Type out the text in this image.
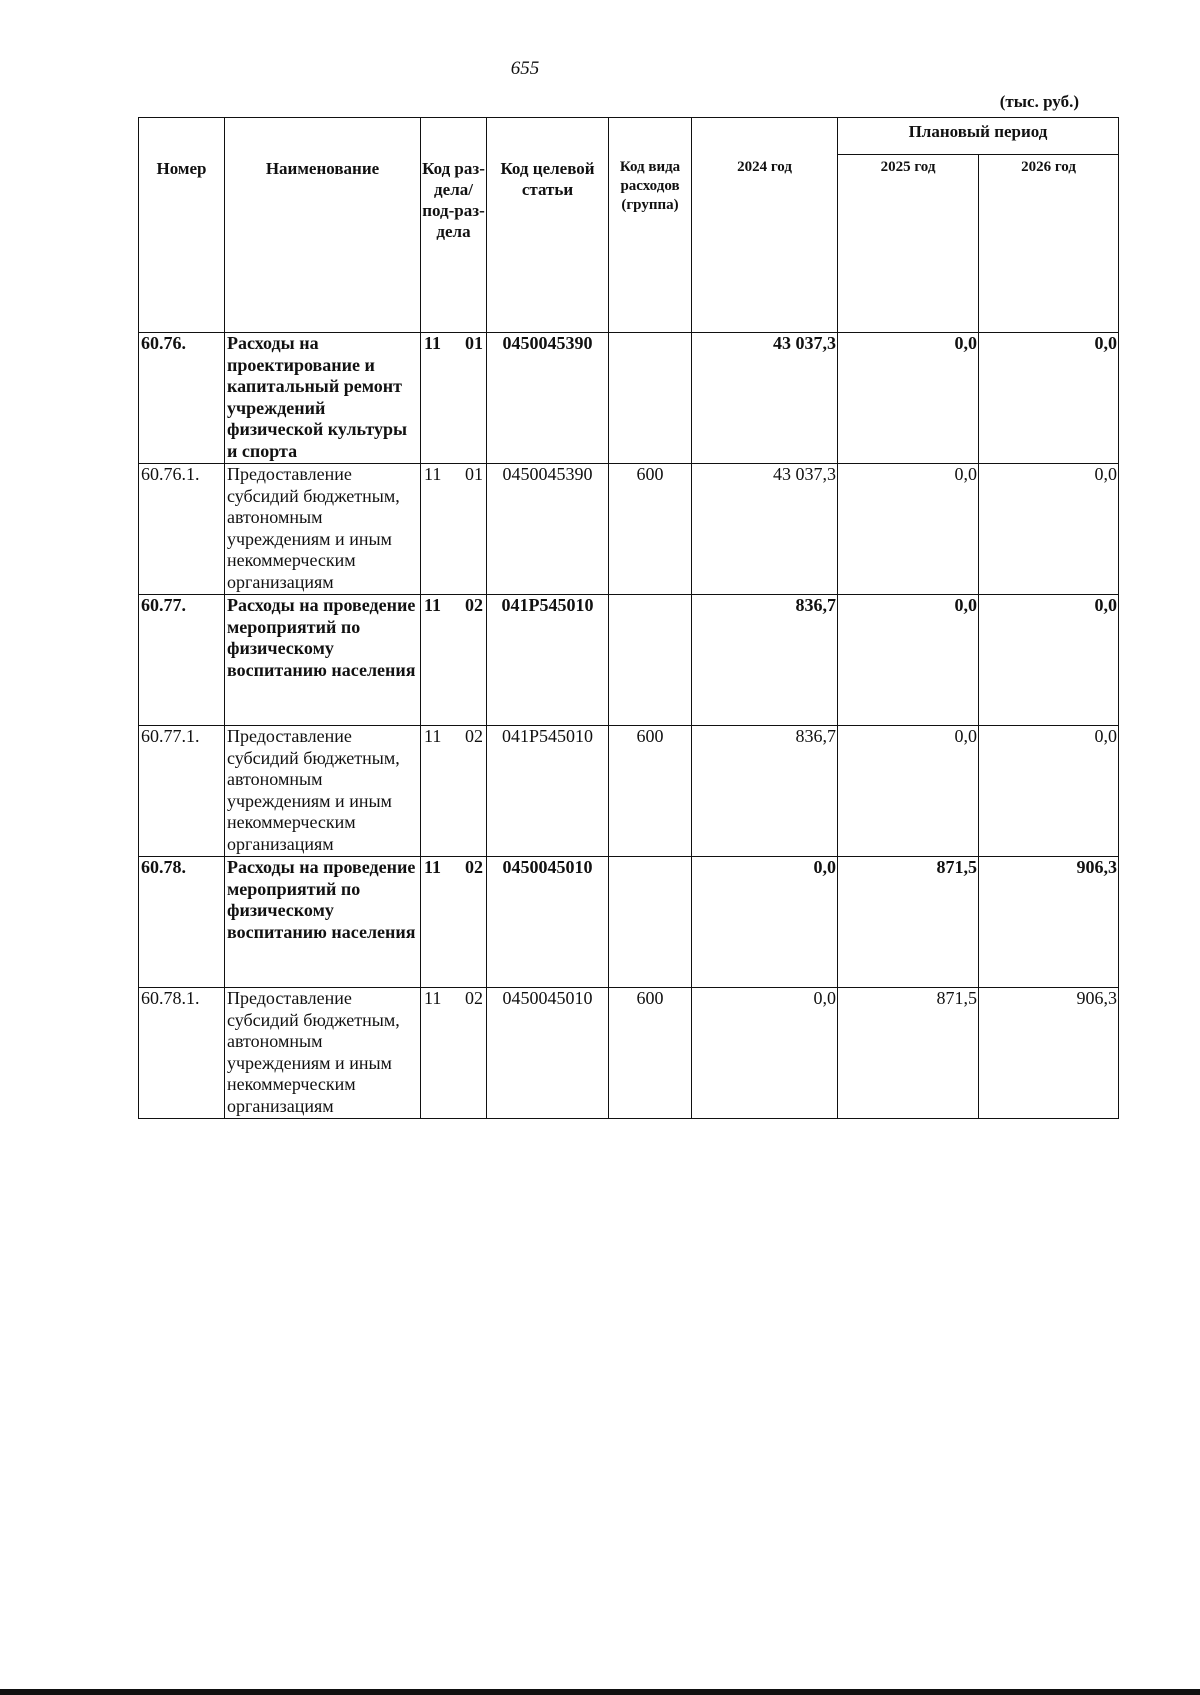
655
(тыс. руб.)
Номер	Наименование	Код раз-дела/ под-раз-дела	Код целевой статьи	Код вида расходов (группа)	2024 год	Плановый период	
						2025 год	2026 год
60.76.	Расходы на проектирование и капитальный ремонт учреждений физической культуры и спорта	11 01	0450045390		43 037,3	0,0	0,0
60.76.1.	Предоставление субсидий бюджетным, автономным учреждениям и иным некоммерческим организациям	11 01	0450045390	600	43 037,3	0,0	0,0
60.77.	Расходы на проведение мероприятий по физическому воспитанию населения	11 02	041P545010		836,7	0,0	0,0
60.77.1.	Предоставление субсидий бюджетным, автономным учреждениям и иным некоммерческим организациям	11 02	041P545010	600	836,7	0,0	0,0
60.78.	Расходы на проведение мероприятий по физическому воспитанию населения	11 02	0450045010		0,0	871,5	906,3
60.78.1.	Предоставление субсидий бюджетным, автономным учреждениям и иным некоммерческим организациям	11 02	0450045010	600	0,0	871,5	906,3
